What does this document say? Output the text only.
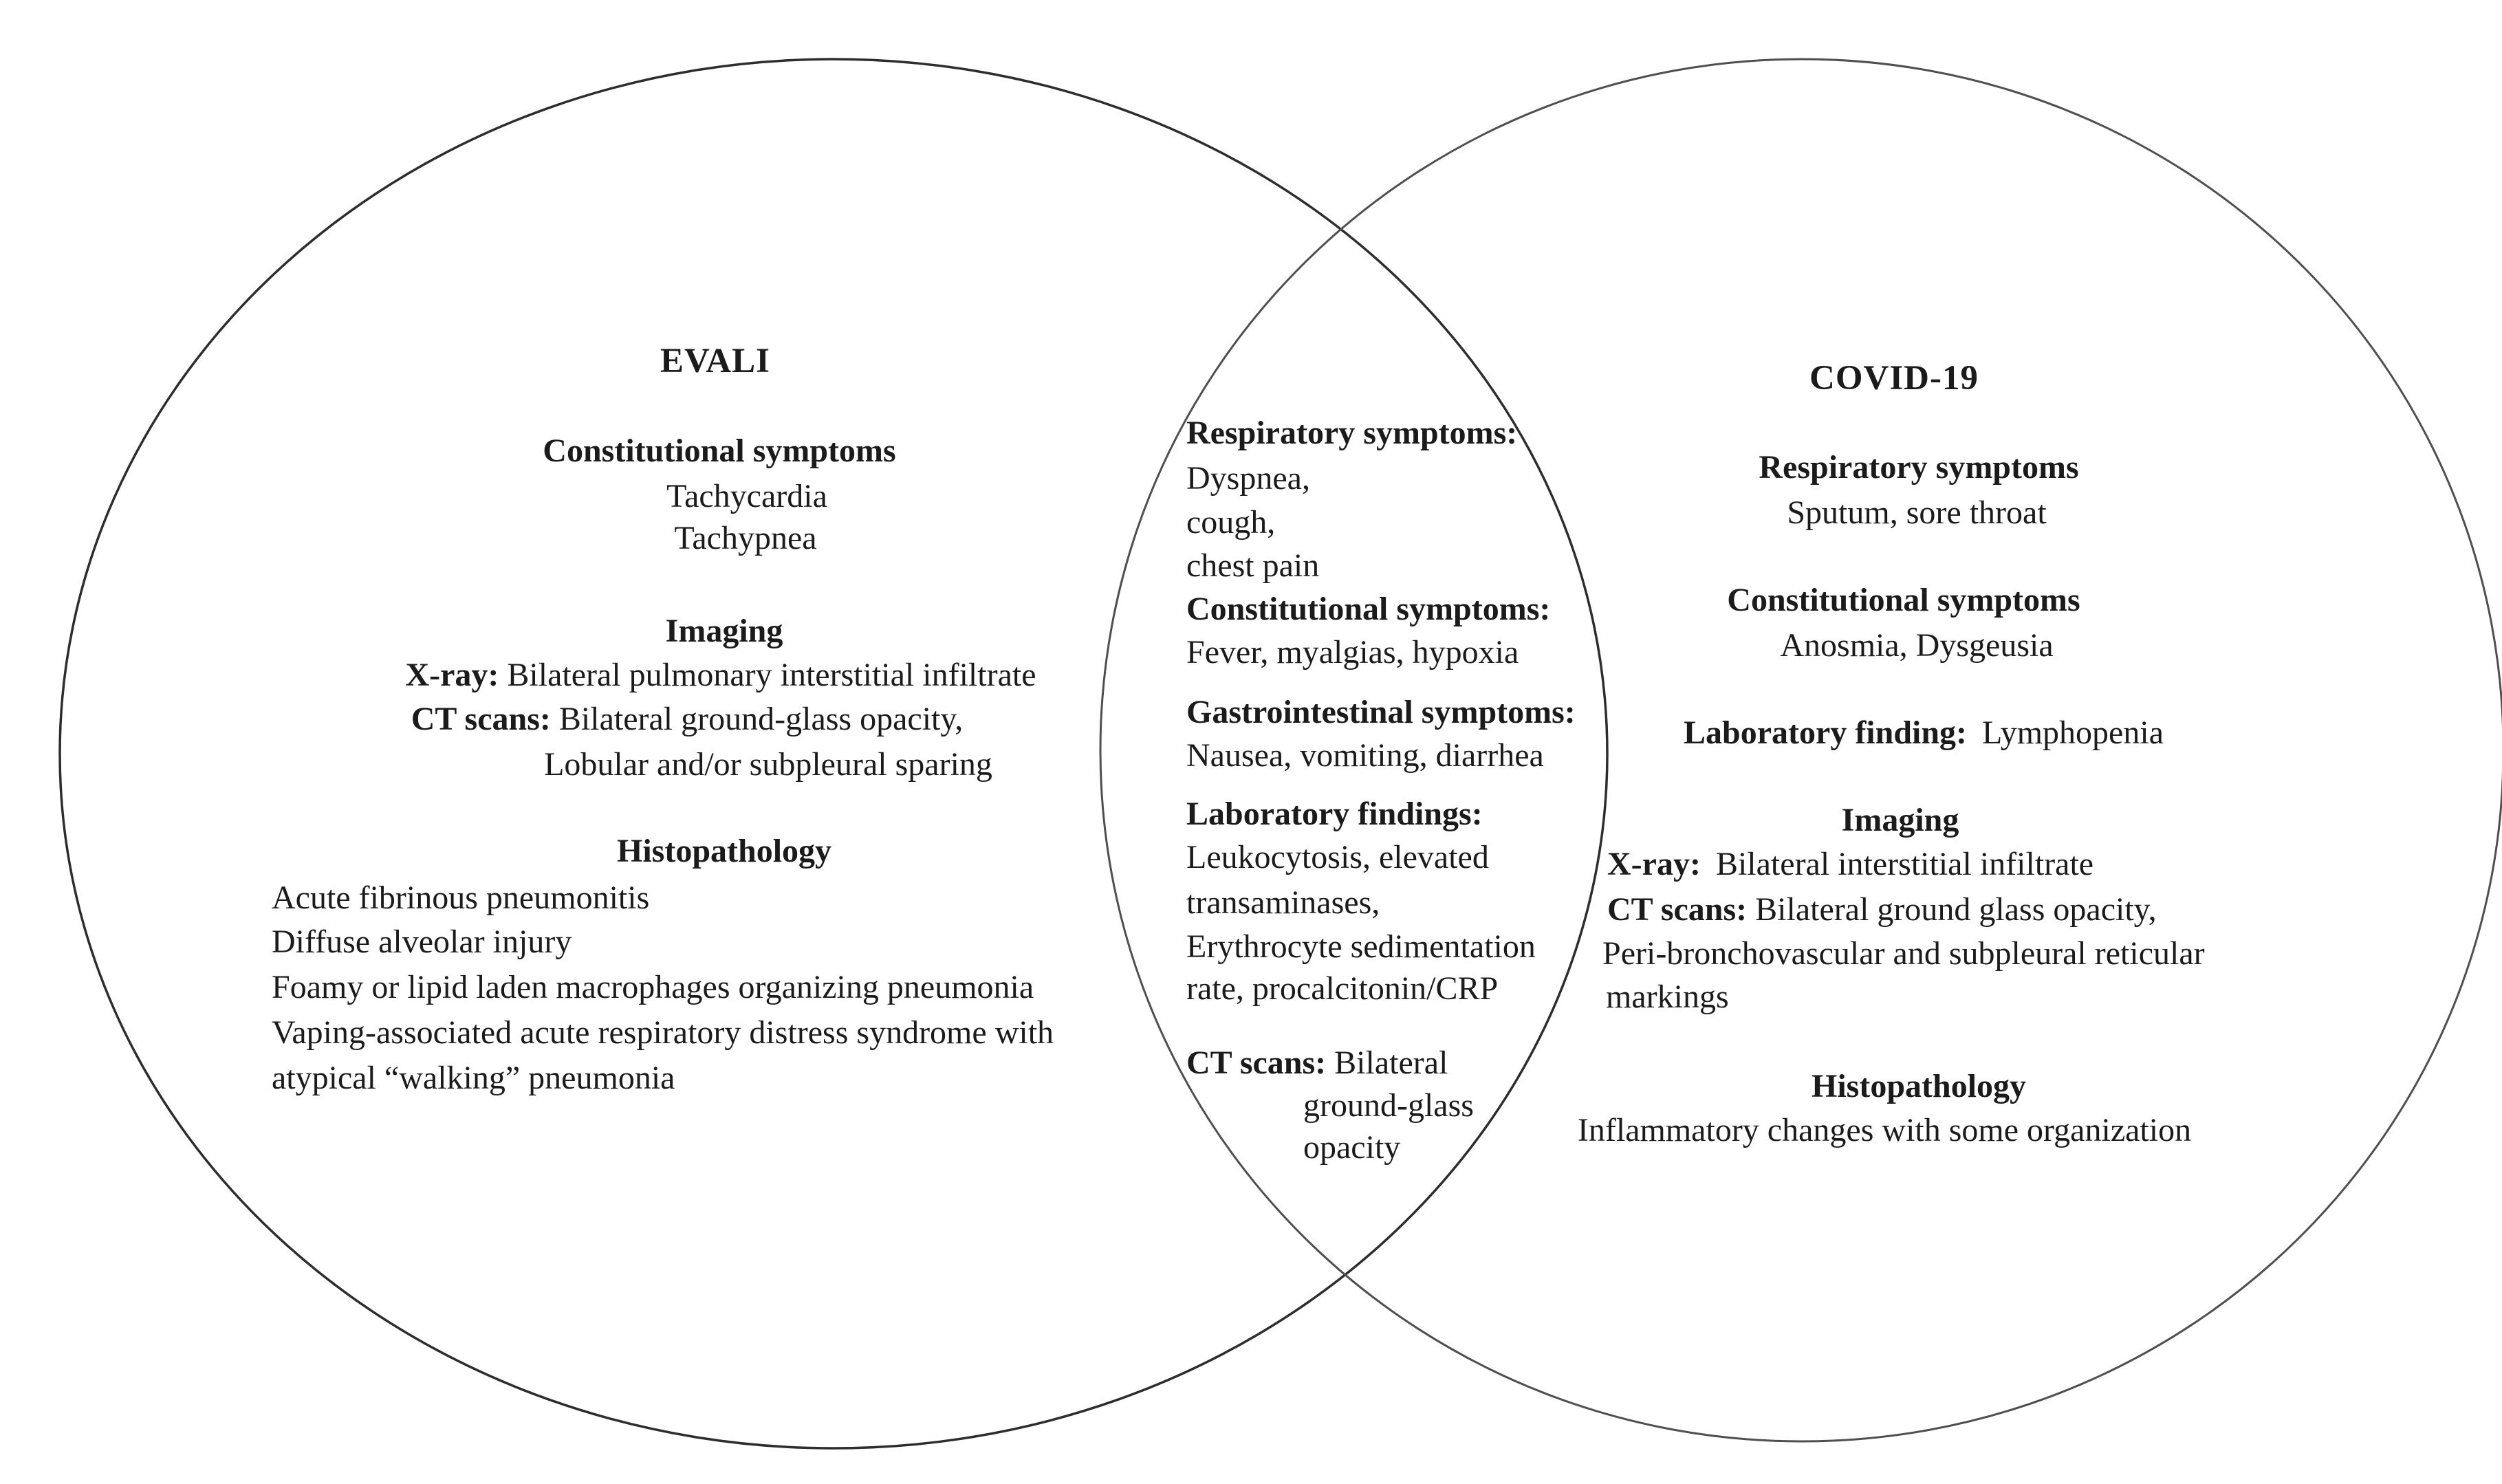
EVALI
Constitutional symptoms
Tachycardia
Tachypnea
Imaging
X-ray: Bilateral pulmonary interstitial infiltrate
CT scans: Bilateral ground-glass opacity,
Lobular and/or subpleural sparing
Histopathology
Acute fibrinous pneumonitis
Diffuse alveolar injury
Foamy or lipid laden macrophages organizing pneumonia
Vaping-associated acute respiratory distress syndrome with
atypical “walking” pneumonia
Respiratory symptoms:
Dyspnea,
cough,
chest pain
Constitutional symptoms:
Fever, myalgias, hypoxia
Gastrointestinal symptoms:
Nausea, vomiting, diarrhea
Laboratory findings:
Leukocytosis, elevated
transaminases,
Erythrocyte sedimentation
rate, procalcitonin/CRP
CT scans: Bilateral
ground-glass
opacity
COVID-19
Respiratory symptoms
Sputum, sore throat
Constitutional symptoms
Anosmia, Dysgeusia
Laboratory finding: Lymphopenia
Imaging
X-ray: Bilateral interstitial infiltrate
CT scans: Bilateral ground glass opacity,
Peri-bronchovascular and subpleural reticular
markings
Histopathology
Inflammatory changes with some organization
